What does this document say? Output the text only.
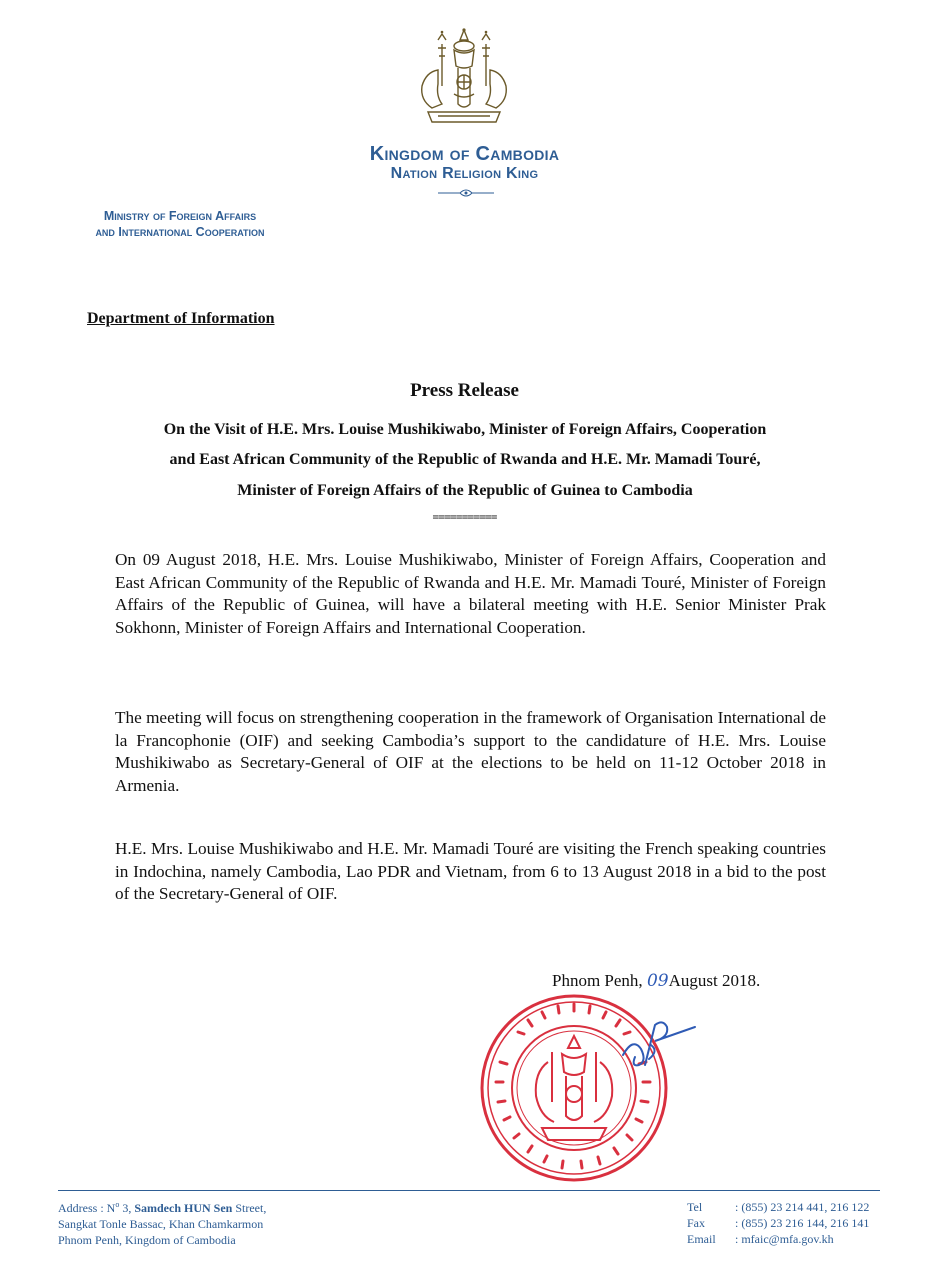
Kingdom of Cambodia
Nation Religion King
Ministry of Foreign Affairs
and International Cooperation
Department of Information
Press Release
On the Visit of H.E. Mrs. Louise Mushikiwabo, Minister of Foreign Affairs, Cooperation
and East African Community of the Republic of Rwanda and H.E. Mr. Mamadi Touré,
Minister of Foreign Affairs of the Republic of Guinea to Cambodia
===========
On 09 August 2018, H.E. Mrs. Louise Mushikiwabo, Minister of Foreign Affairs, Cooperation and East African Community of the Republic of Rwanda and H.E. Mr. Mamadi Touré, Minister of Foreign Affairs of the Republic of Guinea, will have a bilateral meeting with H.E. Senior Minister Prak Sokhonn, Minister of Foreign Affairs and International Cooperation.
The meeting will focus on strengthening cooperation in the framework of Organisation International de la Francophonie (OIF) and seeking Cambodia’s support to the candidature of H.E. Mrs. Louise Mushikiwabo as Secretary-General of OIF at the elections to be held on 11-12 October 2018 in Armenia.
H.E. Mrs. Louise Mushikiwabo and H.E. Mr. Mamadi Touré are visiting the French speaking countries in Indochina, namely Cambodia, Lao PDR and Vietnam, from 6 to 13 August 2018 in a bid to the post of the Secretary-General of OIF.
Phnom Penh, 09August 2018.
Address : $N^o$ 3, Samdech HUN Sen Street,
Sangkat Tonle Bassac, Khan Chamkarmon
Phnom Penh, Kingdom of Cambodia
Tel	: (855) 23 214 441, 216 122
Fax	: (855) 23 216 144, 216 141
Email : mfaic@mfa.gov.kh
